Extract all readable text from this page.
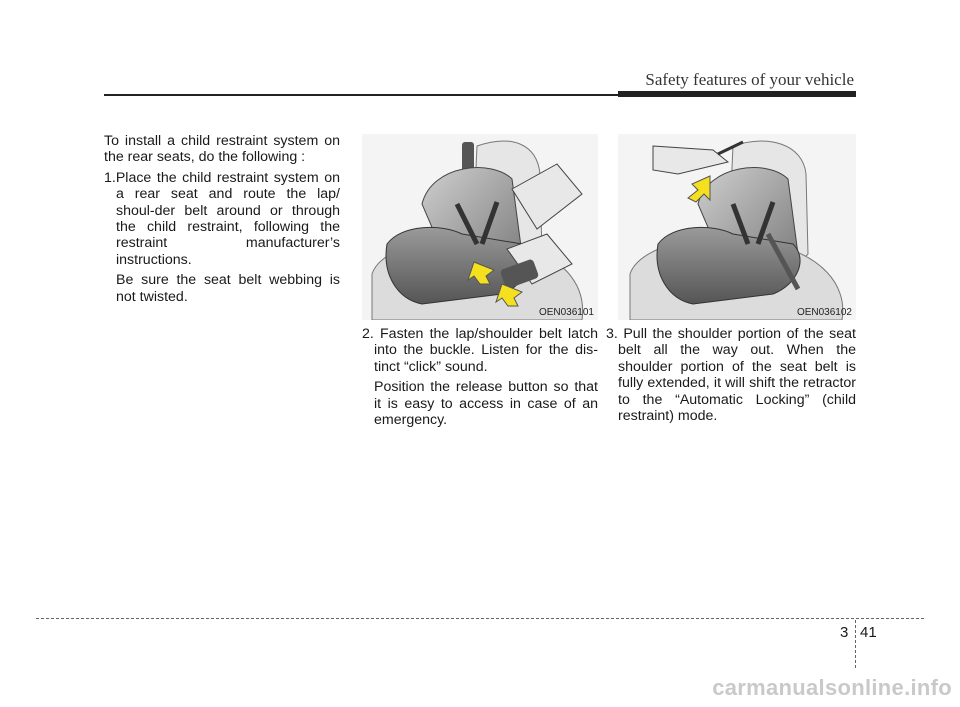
Safety features of your vehicle

To install a child restraint system on the rear seats, do the following :

1.Place the child restraint system on a rear seat and route the lap/ shoul-der belt around or through the child restraint, following the restraint manufacturer’s instructions.

Be sure the seat belt webbing is not twisted.

OEN036101	OEN036102

2. Fasten the lap/shoulder belt latch into the buckle. Listen for the dis-tinct “click” sound.

Position the release button so that it is easy to access in case of an emergency.

3. Pull the shoulder portion of the seat belt all the way out. When the shoulder portion of the seat belt is fully extended, it will shift the retractor to the “Automatic Locking” (child restraint) mode.

3 41
carmanualsonline.info
